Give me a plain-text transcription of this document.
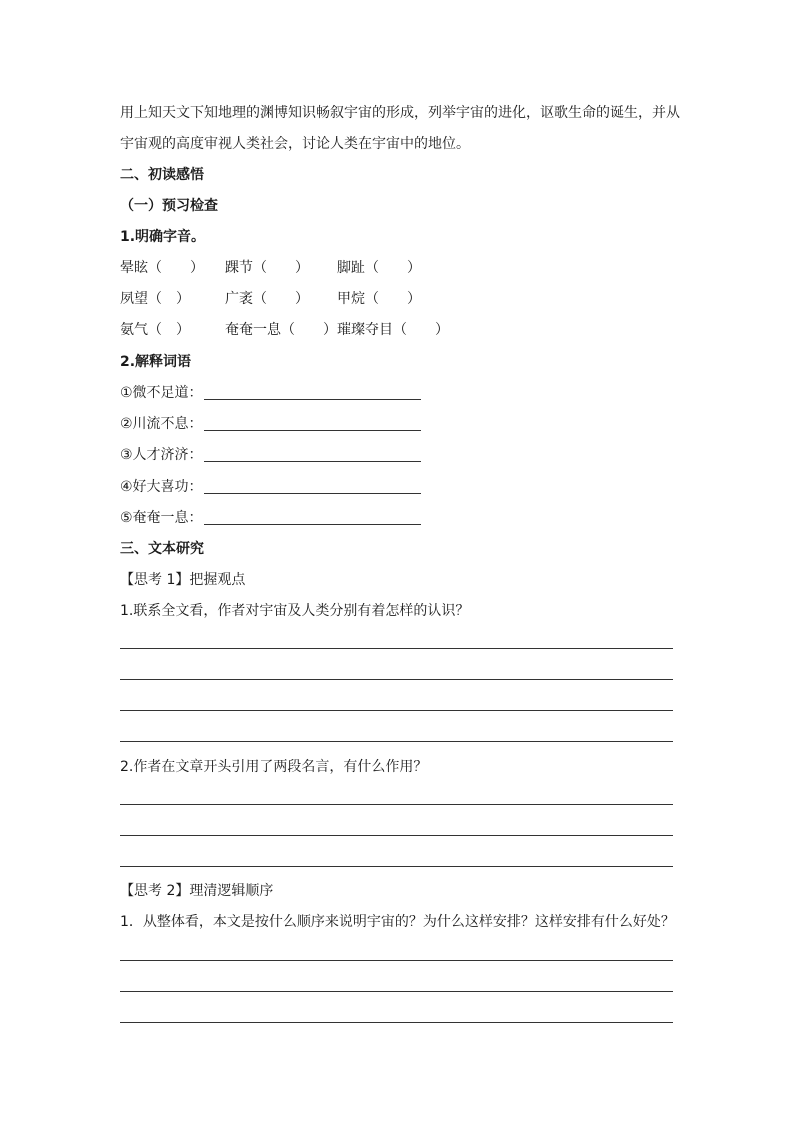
用上知天文下知地理的渊博知识畅叙宇宙的形成，列举宇宙的进化，讴歌生命的诞生，并从
宇宙观的高度审视人类社会，讨论人类在宇宙中的地位。
二、初读感悟
（一）预习检查
1.明确字音。
晕眩（　　） 踝节（　　） 脚趾（　　）
夙望（　）	广袤（　　） 甲烷（　　）
氨气（　）	奄奄一息（　　） 璀璨夺目（　　）
2.解释词语
①微不足道：
②川流不息：
③人才济济：
④好大喜功：
⑤奄奄一息：
三、文本研究
【思考 1】把握观点
1.联系全文看，作者对宇宙及人类分别有着怎样的认识？
2.作者在文章开头引用了两段名言，有什么作用？
【思考 2】理清逻辑顺序
1．从整体看，本文是按什么顺序来说明宇宙的？为什么这样安排？这样安排有什么好处？
